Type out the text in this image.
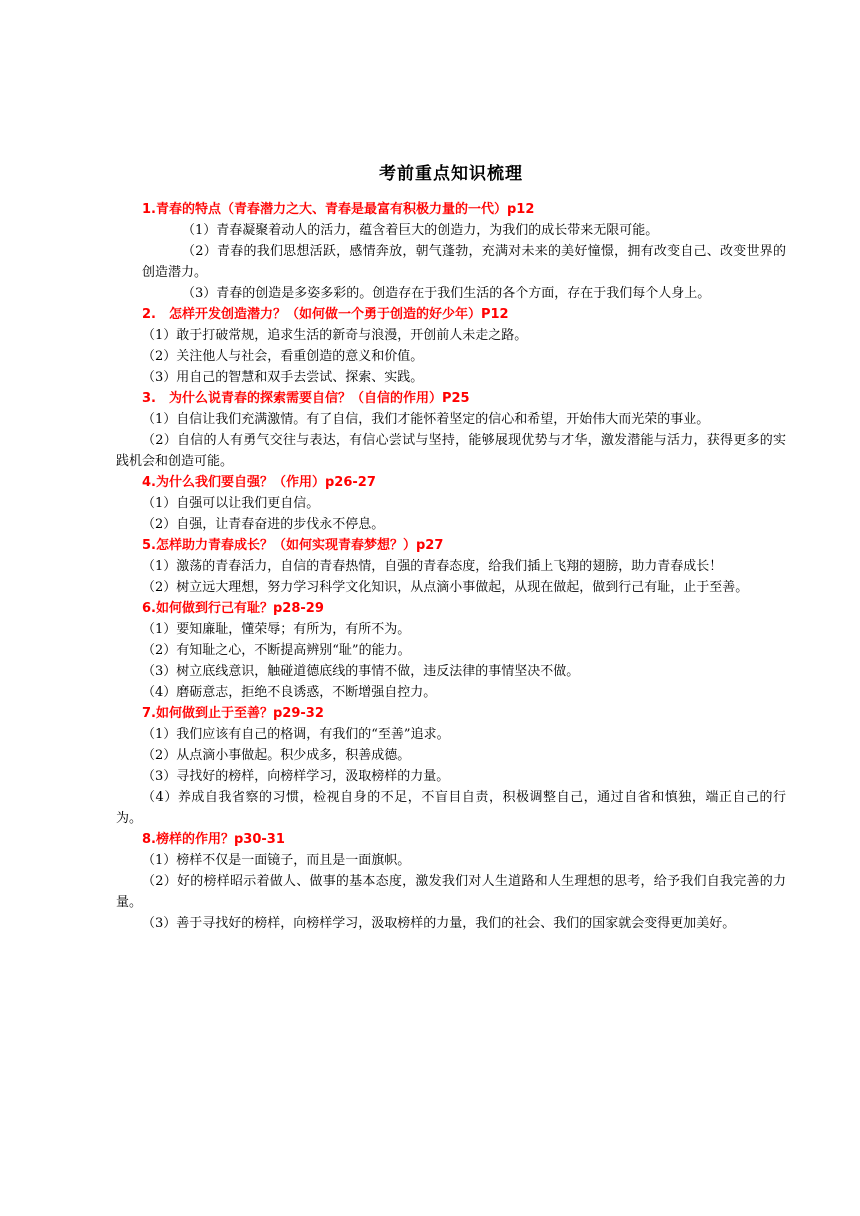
考前重点知识梳理
1.青春的特点（青春潜力之大、青春是最富有积极力量的一代）p12

（1）青春凝聚着动人的活力，蕴含着巨大的创造力，为我们的成长带来无限可能。

（2）青春的我们思想活跃，感情奔放，朝气蓬勃，充满对未来的美好憧憬，拥有改变自己、改变世界的创造潜力。

（3）青春的创造是多姿多彩的。创造存在于我们生活的各个方面，存在于我们每个人身上。

2.　怎样开发创造潜力？（如何做一个勇于创造的好少年）P12

（1）敢于打破常规，追求生活的新奇与浪漫，开创前人未走之路。

（2）关注他人与社会，看重创造的意义和价值。

（3）用自己的智慧和双手去尝试、探索、实践。

3.　为什么说青春的探索需要自信？（自信的作用）P25

（1）自信让我们充满激情。有了自信，我们才能怀着坚定的信心和希望，开始伟大而光荣的事业。

（2）自信的人有勇气交往与表达，有信心尝试与坚持，能够展现优势与才华，激发潜能与活力，获得更多的实践机会和创造可能。

4.为什么我们要自强？（作用）p26-27

（1）自强可以让我们更自信。

（2）自强，让青春奋进的步伐永不停息。

5.怎样助力青春成长？（如何实现青春梦想？）p27

（1）激荡的青春活力，自信的青春热情，自强的青春态度，给我们插上飞翔的翅膀，助力青春成长！

（2）树立远大理想，努力学习科学文化知识，从点滴小事做起，从现在做起，做到行己有耻，止于至善。

6.如何做到行己有耻？p28-29

（1）要知廉耻，懂荣辱；有所为，有所不为。

（2）有知耻之心，不断提高辨别“耻”的能力。

（3）树立底线意识，触碰道德底线的事情不做，违反法律的事情坚决不做。

（4）磨砺意志，拒绝不良诱惑，不断增强自控力。

7.如何做到止于至善？p29-32

（1）我们应该有自己的格调，有我们的“至善”追求。

（2）从点滴小事做起。积少成多，积善成德。

（3）寻找好的榜样，向榜样学习，汲取榜样的力量。

（4）养成自我省察的习惯，检视自身的不足，不盲目自责，积极调整自己，通过自省和慎独，端正自己的行为。

8.榜样的作用？p30-31

（1）榜样不仅是一面镜子，而且是一面旗帜。

（2）好的榜样昭示着做人、做事的基本态度，激发我们对人生道路和人生理想的思考，给予我们自我完善的力量。

（3）善于寻找好的榜样，向榜样学习，汲取榜样的力量，我们的社会、我们的国家就会变得更加美好。
